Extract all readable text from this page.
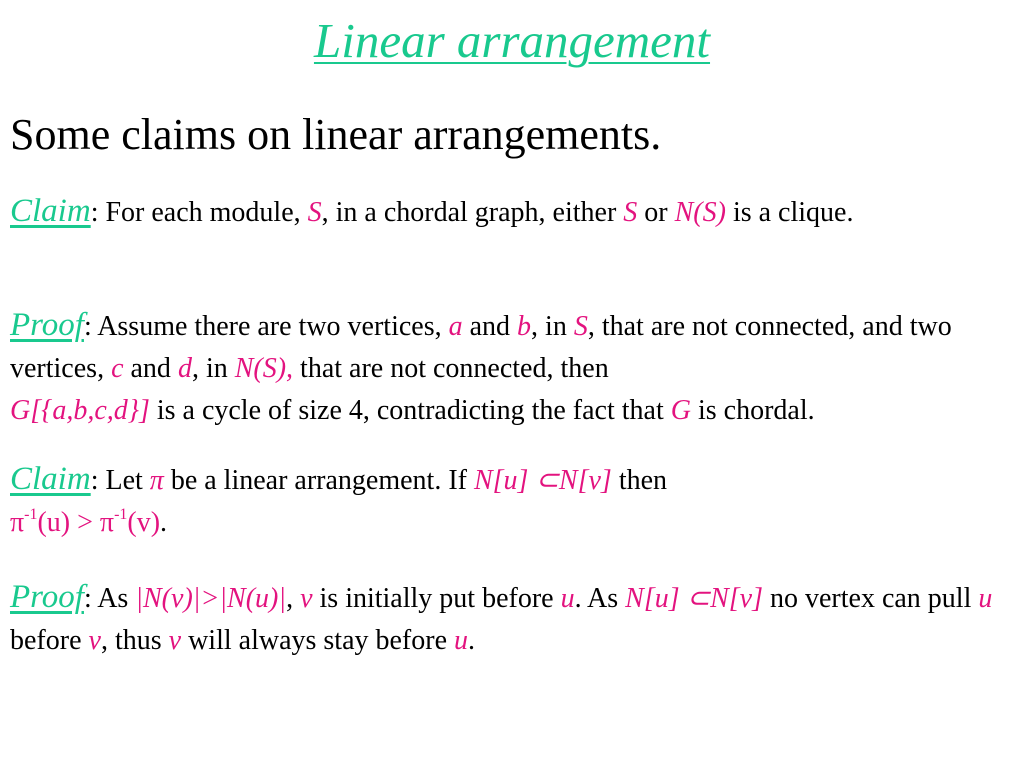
Linear arrangement
Some claims on linear arrangements.
Claim: For each module, S, in a chordal graph, either S or N(S) is a clique.
Proof: Assume there are two vertices, a and b, in S, that are not connected, and two vertices, c and d, in N(S), that are not connected, then
G[{a,b,c,d}] is a cycle of size 4, contradicting the fact that G is chordal.
Claim: Let π be a linear arrangement. If N[u] ⊂N[v] then
$\pi^{-1}(u) > \pi^{-1}(v)$.
Proof: As |N(v)|>|N(u)|, v is initially put before u. As N[u] ⊂N[v] no vertex can pull u before v, thus v will always stay before u.
